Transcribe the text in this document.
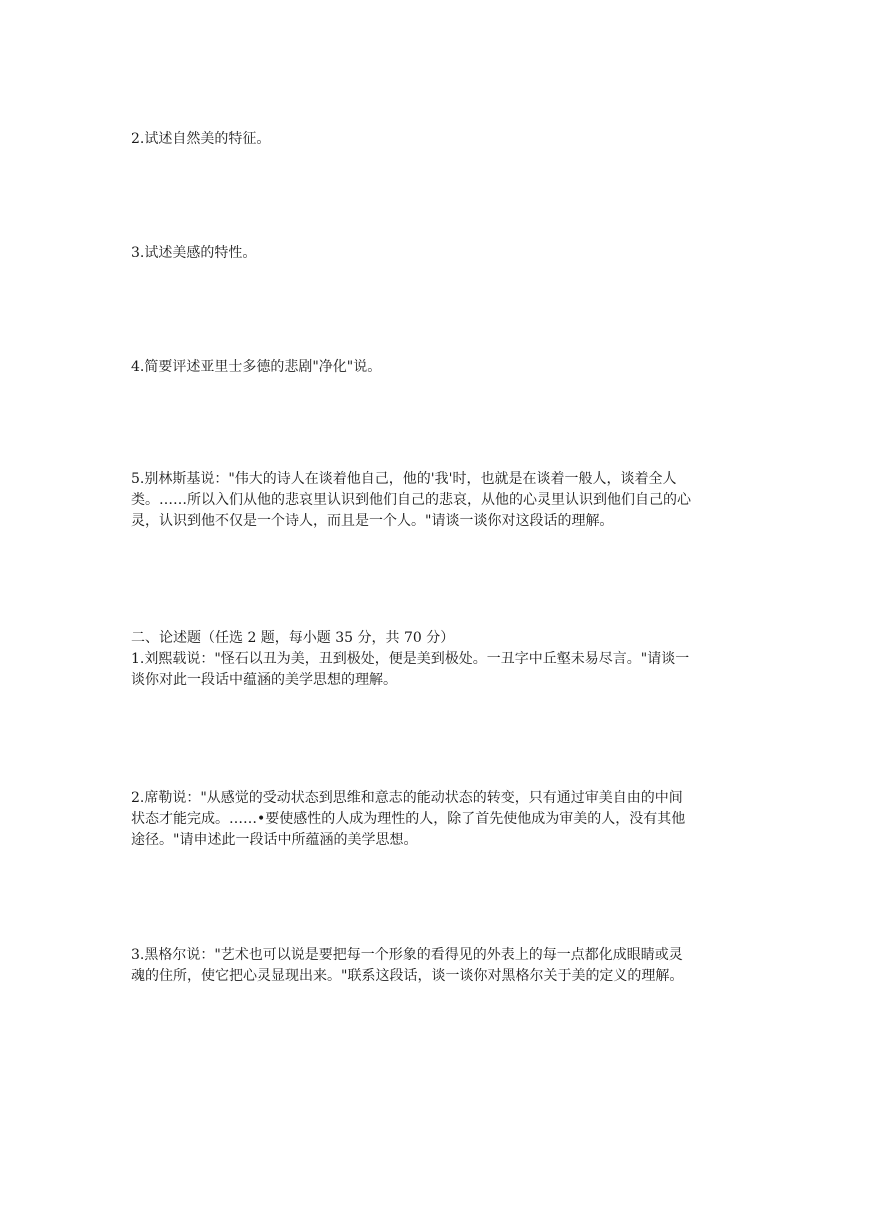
2.试述自然美的特征。

3.试述美感的特性。

4.简要评述亚里士多德的悲剧"净化"说。

5.别林斯基说："伟大的诗人在谈着他自己，他的'我'时，也就是在谈着一般人，谈着全人
类。……所以入们从他的悲哀里认识到他们自己的悲哀，从他的心灵里认识到他们自己的心
灵，认识到他不仅是一个诗人，而且是一个人。"请谈一谈你对这段话的理解。

二、论述题（任选 2 题，每小题 35 分，共 70 分）
1.刘熙载说："怪石以丑为美，丑到极处，便是美到极处。一丑字中丘壑未易尽言。"请谈一
谈你对此一段话中蕴涵的美学思想的理解。

2.席勒说："从感觉的受动状态到思维和意志的能动状态的转变，只有通过审美自由的中间
状态才能完成。……•要使感性的人成为理性的人，除了首先使他成为审美的人，没有其他
途径。"请申述此一段话中所蕴涵的美学思想。

3.黑格尔说："艺术也可以说是要把每一个形象的看得见的外表上的每一点都化成眼睛或灵
魂的住所，使它把心灵显现出来。"联系这段话，谈一谈你对黑格尔关于美的定义的理解。
